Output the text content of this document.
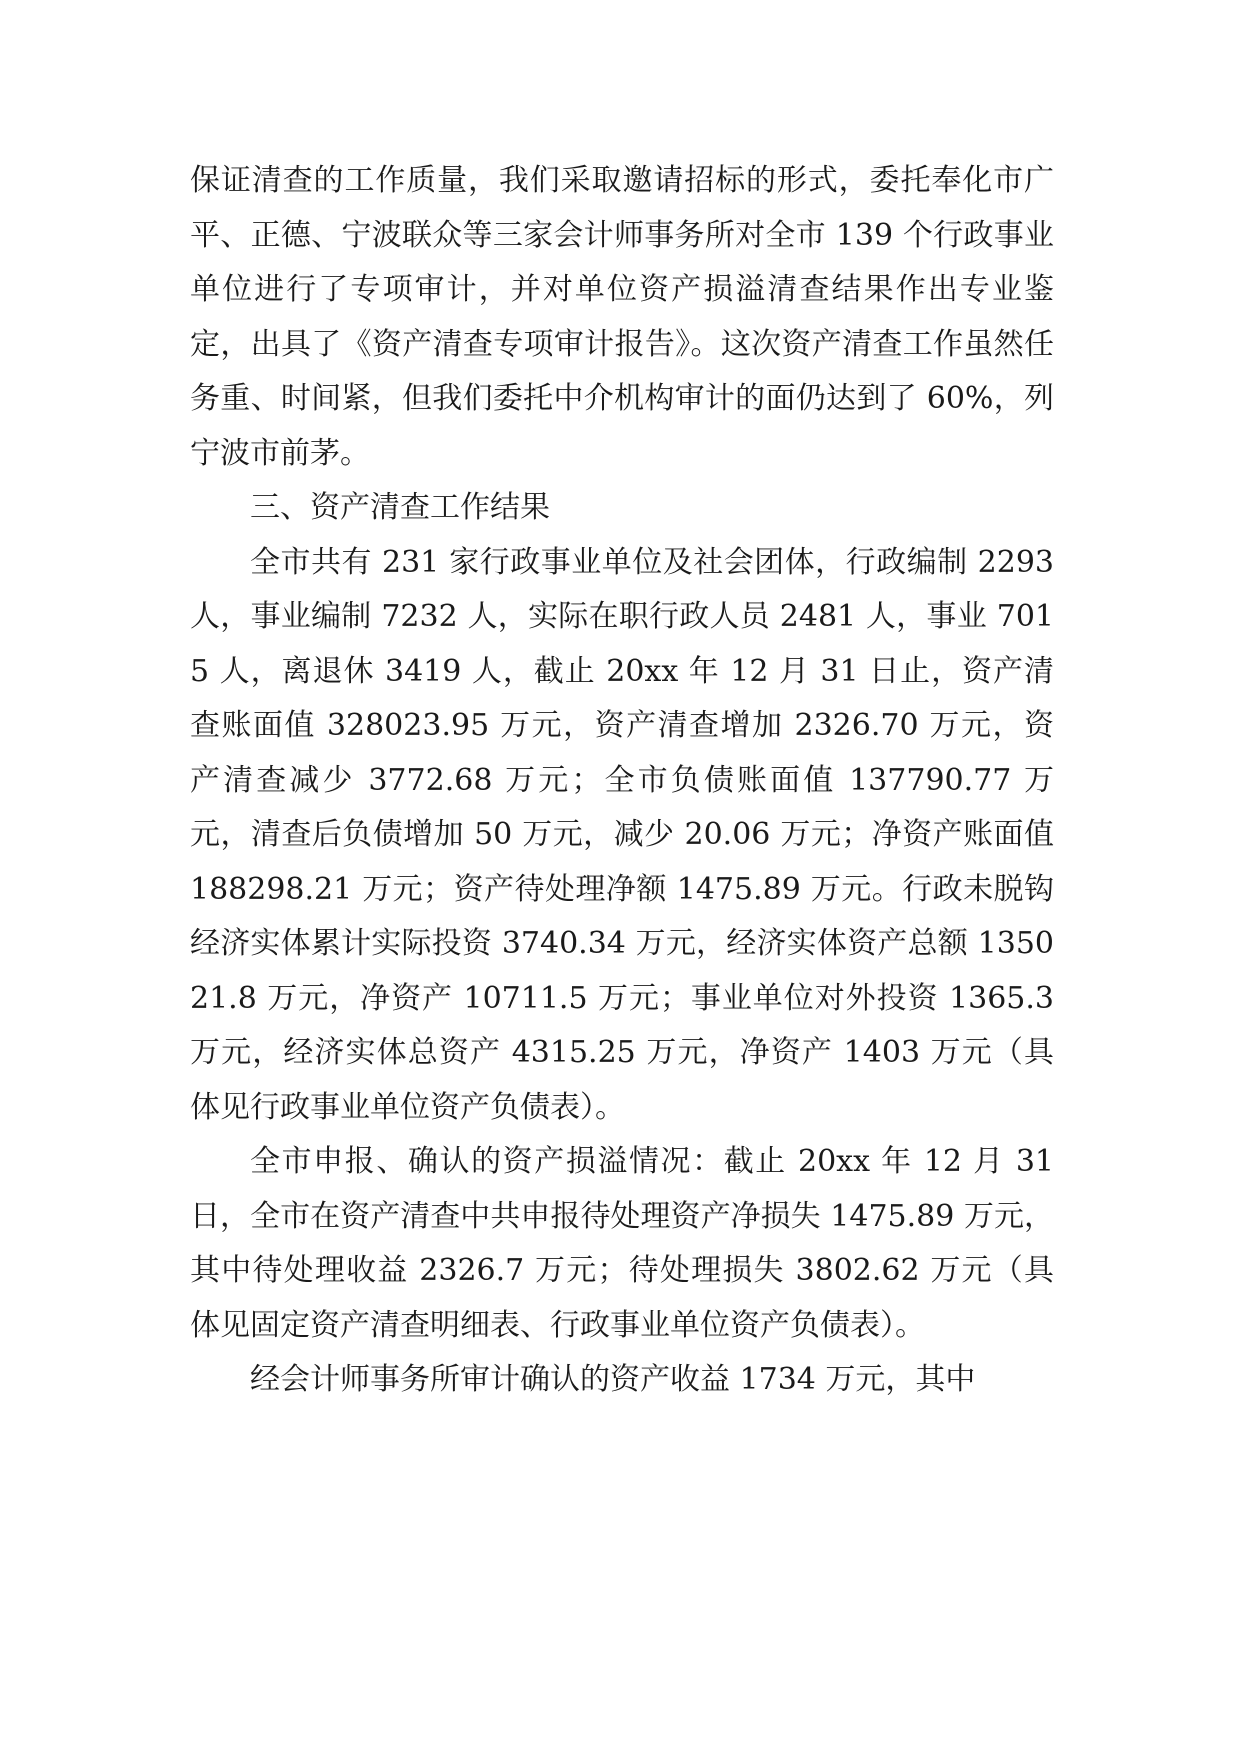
保证清查的工作质量，我们采取邀请招标的形式，委托奉化市广平、正德、宁波联众等三家会计师事务所对全市 139 个行政事业单位进行了专项审计，并对单位资产损溢清查结果作出专业鉴定，出具了《资产清查专项审计报告》。这次资产清查工作虽然任务重、时间紧，但我们委托中介机构审计的面仍达到了 60%，列宁波市前茅。

三、资产清查工作结果

全市共有 231 家行政事业单位及社会团体，行政编制 2293 人，事业编制 7232 人，实际在职行政人员 2481 人，事业 7015 人，离退休 3419 人，截止 20xx 年 12 月 31 日止，资产清查账面值 328023.95 万元，资产清查增加 2326.70 万元，资产清查减少 3772.68 万元；全市负债账面值 137790.77 万元，清查后负债增加 50 万元，减少 20.06 万元；净资产账面值 188298.21 万元；资产待处理净额 1475.89 万元。行政未脱钩经济实体累计实际投资 3740.34 万元，经济实体资产总额 135021.8 万元，净资产 10711.5 万元；事业单位对外投资 1365.3 万元，经济实体总资产 4315.25 万元，净资产 1403 万元（具体见行政事业单位资产负债表）。

全市申报、确认的资产损溢情况：截止 20xx 年 12 月 31 日，全市在资产清查中共申报待处理资产净损失 1475.89 万元，其中待处理收益 2326.7 万元；待处理损失 3802.62 万元（具体见固定资产清查明细表、行政事业单位资产负债表）。

经会计师事务所审计确认的资产收益 1734 万元，其中
